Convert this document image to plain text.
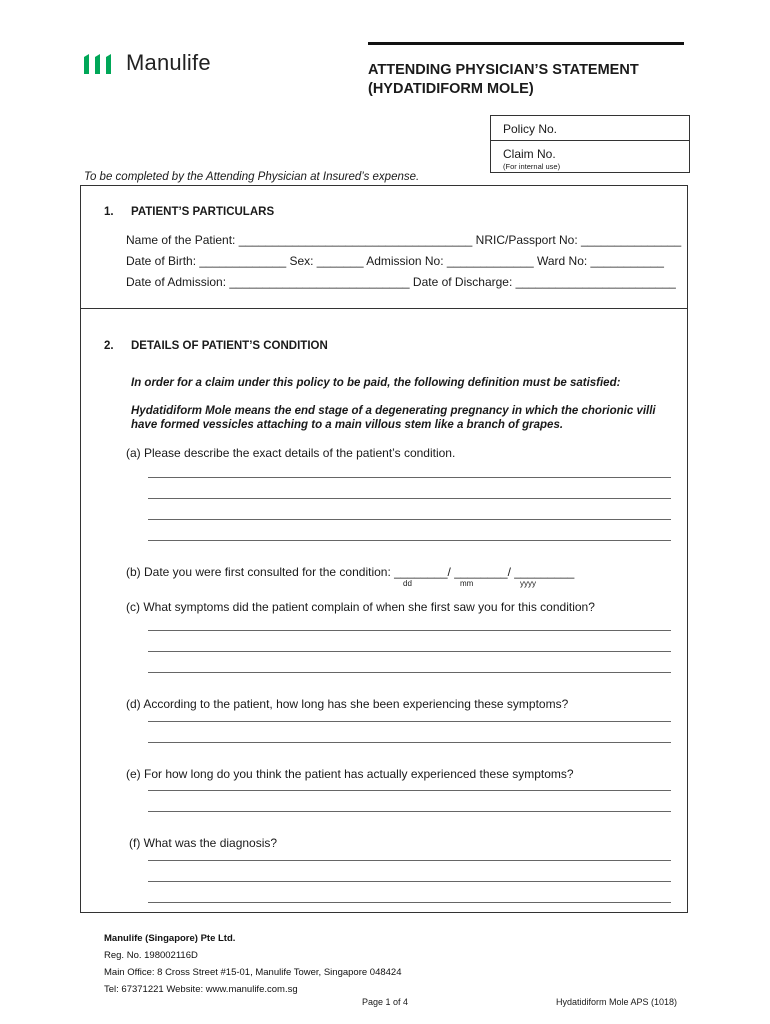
Manulife	ATTENDING PHYSICIAN’S STATEMENT
(HYDATIDIFORM MOLE)
Policy No.
Claim No.
(For internal use)
To be completed by the Attending Physician at Insured’s expense.
1. PATIENT’S PARTICULARS
Name of the Patient: ___________________________________ NRIC/Passport No: _______________
Date of Birth: _____________ Sex: _______ Admission No: _____________ Ward No: ___________
Date of Admission: ___________________________ Date of Discharge: ________________________
2. DETAILS OF PATIENT’S CONDITION
In order for a claim under this policy to be paid, the following definition must be satisfied:
Hydatidiform Mole means the end stage of a degenerating pregnancy in which the chorionic villi have formed vessicles attaching to a main villous stem like a branch of grapes.
(a) Please describe the exact details of the patient’s condition.
(b) Date you were first consulted for the condition: ________/ ________/ _________
dd	mm	yyyy
(c) What symptoms did the patient complain of when she first saw you for this condition?
(d) According to the patient, how long has she been experiencing these symptoms?
(e) For how long do you think the patient has actually experienced these symptoms?
(f) What was the diagnosis?
Manulife (Singapore) Pte Ltd.
Reg. No. 198002116D
Main Office: 8 Cross Street #15-01, Manulife Tower, Singapore 048424
Tel: 67371221 Website: www.manulife.com.sg
Page 1 of 4	Hydatidiform Mole APS (1018)
